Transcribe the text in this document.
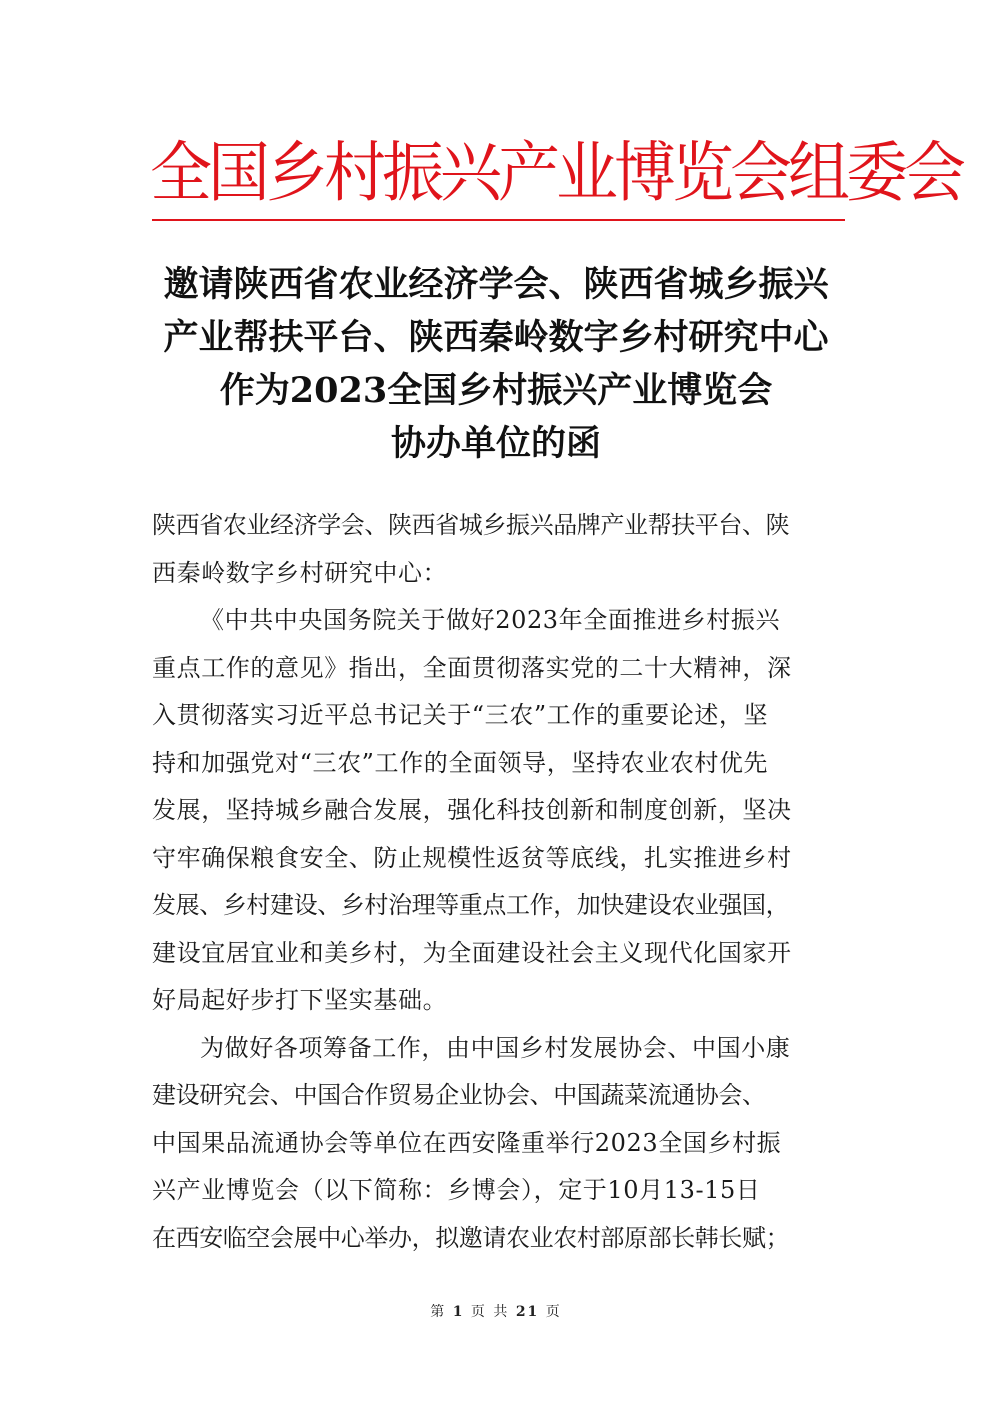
全国乡村振兴产业博览会组委会
邀请陕西省农业经济学会、陕西省城乡振兴
产业帮扶平台、陕西秦岭数字乡村研究中心
作为2023全国乡村振兴产业博览会
协办单位的函
陕西省农业经济学会、陕西省城乡振兴品牌产业帮扶平台、陕
西秦岭数字乡村研究中心：
《中共中央国务院关于做好2023年全面推进乡村振兴
重点工作的意见》指出，全面贯彻落实党的二十大精神，深
入贯彻落实习近平总书记关于“三农”工作的重要论述，坚
持和加强党对“三农”工作的全面领导，坚持农业农村优先
发展，坚持城乡融合发展，强化科技创新和制度创新，坚决
守牢确保粮食安全、防止规模性返贫等底线，扎实推进乡村
发展、乡村建设、乡村治理等重点工作，加快建设农业强国，
建设宜居宜业和美乡村，为全面建设社会主义现代化国家开
好局起好步打下坚实基础。
为做好各项筹备工作，由中国乡村发展协会、中国小康
建设研究会、中国合作贸易企业协会、中国蔬菜流通协会、
中国果品流通协会等单位在西安隆重举行2023全国乡村振
兴产业博览会（以下简称：乡博会），定于10月13-15日
在西安临空会展中心举办，拟邀请农业农村部原部长韩长赋；
第 1 页 共 21 页
